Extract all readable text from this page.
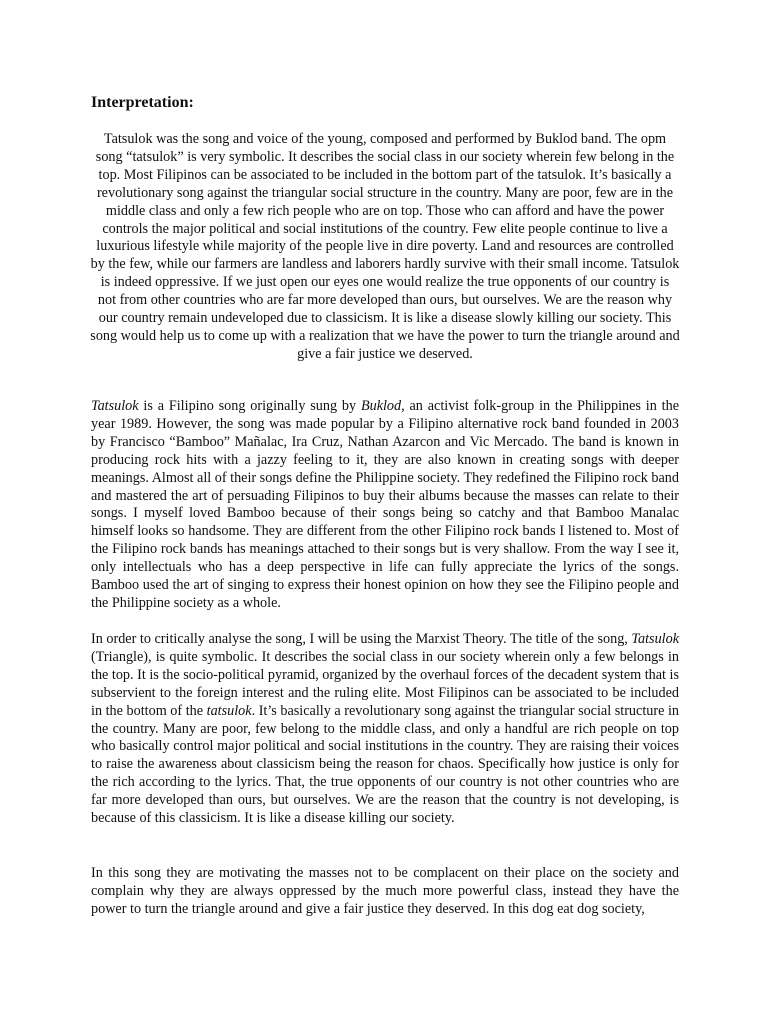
Interpretation:

Tatsulok was the song and voice of the young, composed and performed by Buklod band. The opm song “tatsulok” is very symbolic. It describes the social class in our society wherein few belong in the top. Most Filipinos can be associated to be included in the bottom part of the tatsulok. It’s basically a revolutionary song against the triangular social structure in the country. Many are poor, few are in the middle class and only a few rich people who are on top. Those who can afford and have the power controls the major political and social institutions of the country. Few elite people continue to live a luxurious lifestyle while majority of the people live in dire poverty. Land and resources are controlled by the few, while our farmers are landless and laborers hardly survive with their small income. Tatsulok is indeed oppressive. If we just open our eyes one would realize the true opponents of our country is not from other countries who are far more developed than ours, but ourselves. We are the reason why our country remain undeveloped due to classicism. It is like a disease slowly killing our society. This song would help us to come up with a realization that we have the power to turn the triangle around and give a fair justice we deserved.

Tatsulok is a Filipino song originally sung by Buklod, an activist folk-group in the Philippines in the year 1989. However, the song was made popular by a Filipino alternative rock band founded in 2003 by Francisco “Bamboo” Mañalac, Ira Cruz, Nathan Azarcon and Vic Mercado. The band is known in producing rock hits with a jazzy feeling to it, they are also known in creating songs with deeper meanings. Almost all of their songs define the Philippine society. They redefined the Filipino rock band and mastered the art of persuading Filipinos to buy their albums because the masses can relate to their songs. I myself loved Bamboo because of their songs being so catchy and that Bamboo Manalac himself looks so handsome. They are different from the other Filipino rock bands I listened to. Most of the Filipino rock bands has meanings attached to their songs but is very shallow. From the way I see it, only intellectuals who has a deep perspective in life can fully appreciate the lyrics of the songs. Bamboo used the art of singing to express their honest opinion on how they see the Filipino people and the Philippine society as a whole.

In order to critically analyse the song, I will be using the Marxist Theory. The title of the song, Tatsulok (Triangle), is quite symbolic. It describes the social class in our society wherein only a few belongs in the top. It is the socio-political pyramid, organized by the overhaul forces of the decadent system that is subservient to the foreign interest and the ruling elite. Most Filipinos can be associated to be included in the bottom of the tatsulok. It’s basically a revolutionary song against the triangular social structure in the country. Many are poor, few belong to the middle class, and only a handful are rich people on top who basically control major political and social institutions in the country. They are raising their voices to raise the awareness about classicism being the reason for chaos. Specifically how justice is only for the rich according to the lyrics. That, the true opponents of our country is not other countries who are far more developed than ours, but ourselves. We are the reason that the country is not developing, is because of this classicism. It is like a disease killing our society.

In this song they are motivating the masses not to be complacent on their place on the society and complain why they are always oppressed by the much more powerful class, instead they have the power to turn the triangle around and give a fair justice they deserved. In this dog eat dog society,
